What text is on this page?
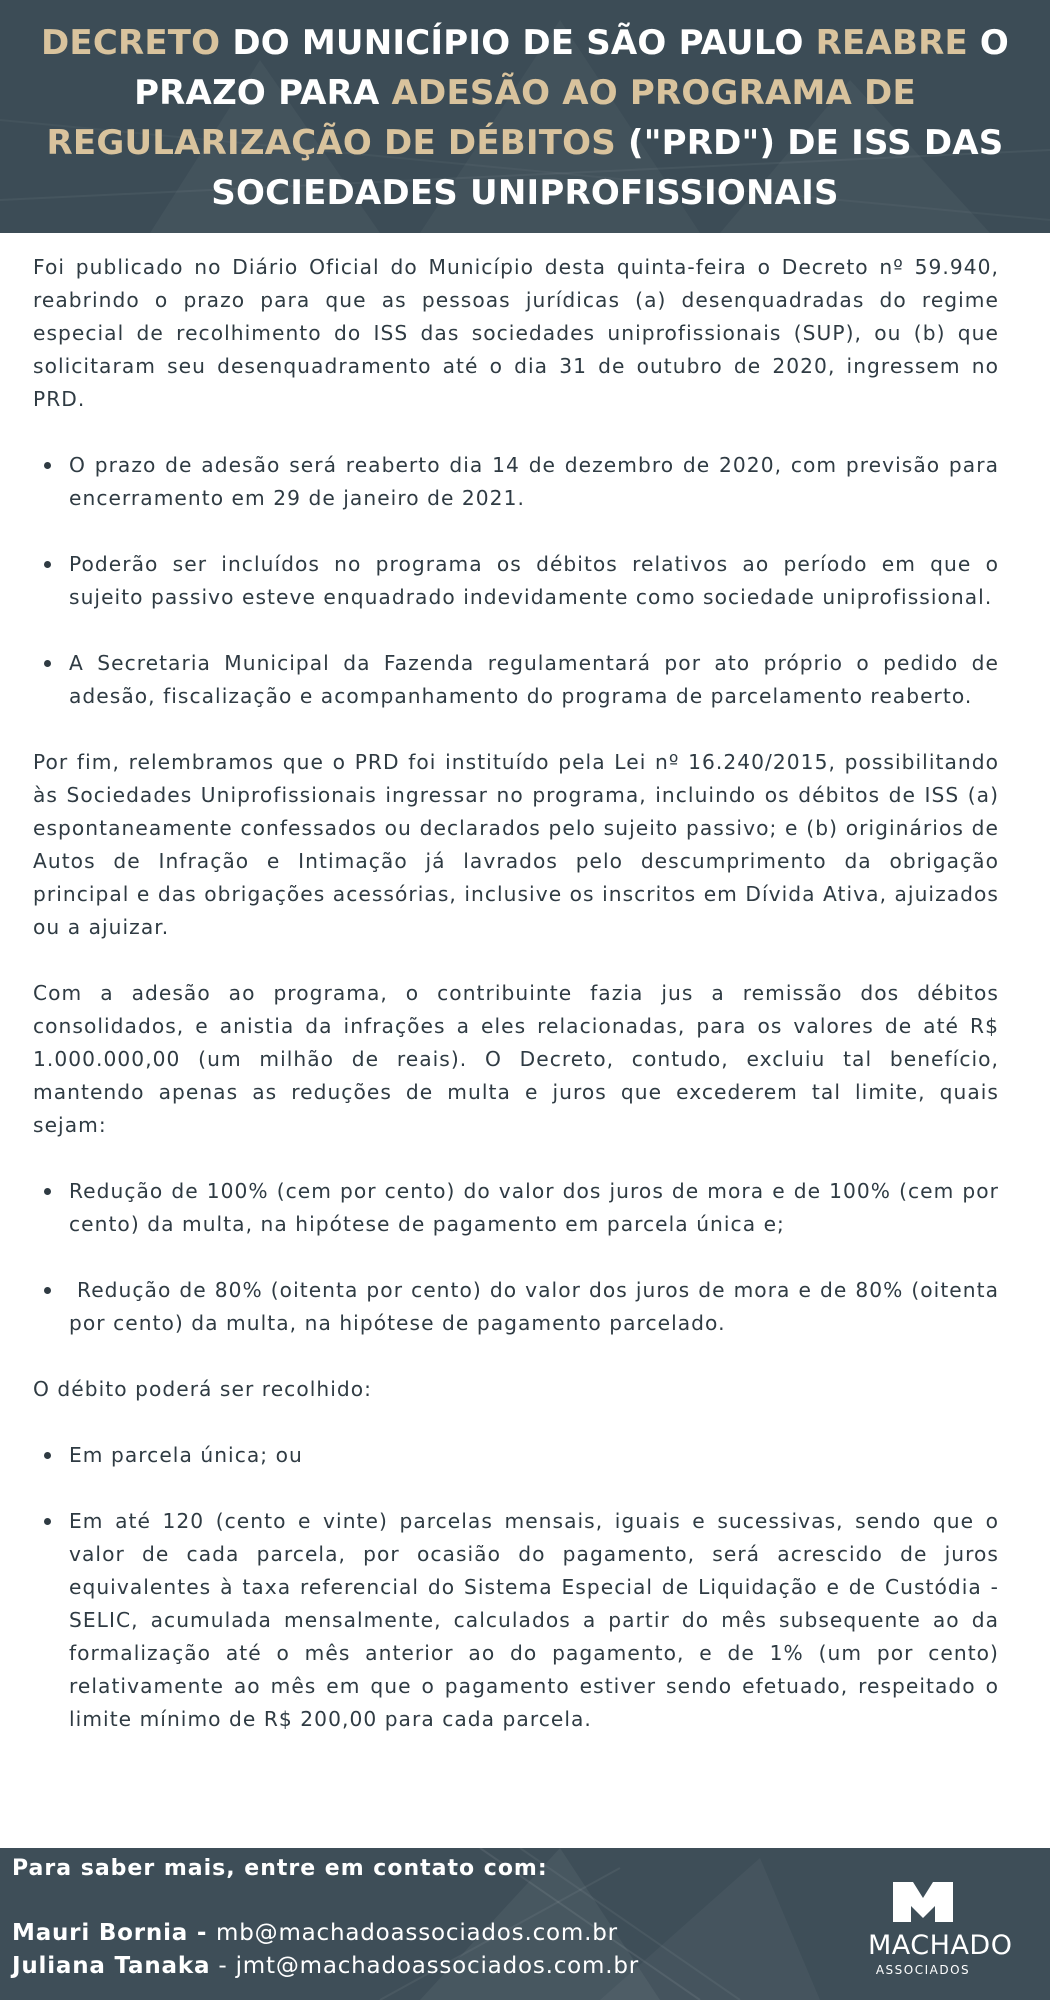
DECRETO DO MUNICÍPIO DE SÃO PAULO REABRE O PRAZO PARA ADESÃO AO PROGRAMA DE REGULARIZAÇÃO DE DÉBITOS ("PRD") DE ISS DAS SOCIEDADES UNIPROFISSIONAIS

Foi publicado no Diário Oficial do Município desta quinta-feira o Decreto nº 59.940, reabrindo o prazo para que as pessoas jurídicas (a) desenquadradas do regime especial de recolhimento do ISS das sociedades uniprofissionais (SUP), ou (b) que solicitaram seu desenquadramento até o dia 31 de outubro de 2020, ingressem no PRD.

O prazo de adesão será reaberto dia 14 de dezembro de 2020, com previsão para encerramento em 29 de janeiro de 2021.
Poderão ser incluídos no programa os débitos relativos ao período em que o sujeito passivo esteve enquadrado indevidamente como sociedade uniprofissional.
A Secretaria Municipal da Fazenda regulamentará por ato próprio o pedido de adesão, fiscalização e acompanhamento do programa de parcelamento reaberto.

Por fim, relembramos que o PRD foi instituído pela Lei nº 16.240/2015, possibilitando às Sociedades Uniprofissionais ingressar no programa, incluindo os débitos de ISS (a) espontaneamente confessados ou declarados pelo sujeito passivo; e (b) originários de Autos de Infração e Intimação já lavrados pelo descumprimento da obrigação principal e das obrigações acessórias, inclusive os inscritos em Dívida Ativa, ajuizados ou a ajuizar.

Com a adesão ao programa, o contribuinte fazia jus a remissão dos débitos consolidados, e anistia da infrações a eles relacionadas, para os valores de até R$ 1.000.000,00 (um milhão de reais). O Decreto, contudo, excluiu tal benefício, mantendo apenas as reduções de multa e juros que excederem tal limite, quais sejam:

Redução de 100% (cem por cento) do valor dos juros de mora e de 100% (cem por cento) da multa, na hipótese de pagamento em parcela única e;
Redução de 80% (oitenta por cento) do valor dos juros de mora e de 80% (oitenta por cento) da multa, na hipótese de pagamento parcelado.

O débito poderá ser recolhido:

Em parcela única; ou
Em até 120 (cento e vinte) parcelas mensais, iguais e sucessivas, sendo que o valor de cada parcela, por ocasião do pagamento, será acrescido de juros equivalentes à taxa referencial do Sistema Especial de Liquidação e de Custódia - SELIC, acumulada mensalmente, calculados a partir do mês subsequente ao da formalização até o mês anterior ao do pagamento, e de 1% (um por cento) relativamente ao mês em que o pagamento estiver sendo efetuado, respeitado o limite mínimo de R$ 200,00 para cada parcela.
Para saber mais, entre em contato com:
Mauri Bornia - mb@machadoassociados.com.br
Juliana Tanaka - jmt@machadoassociados.com.br
MACHADO
ASSOCIADOS
